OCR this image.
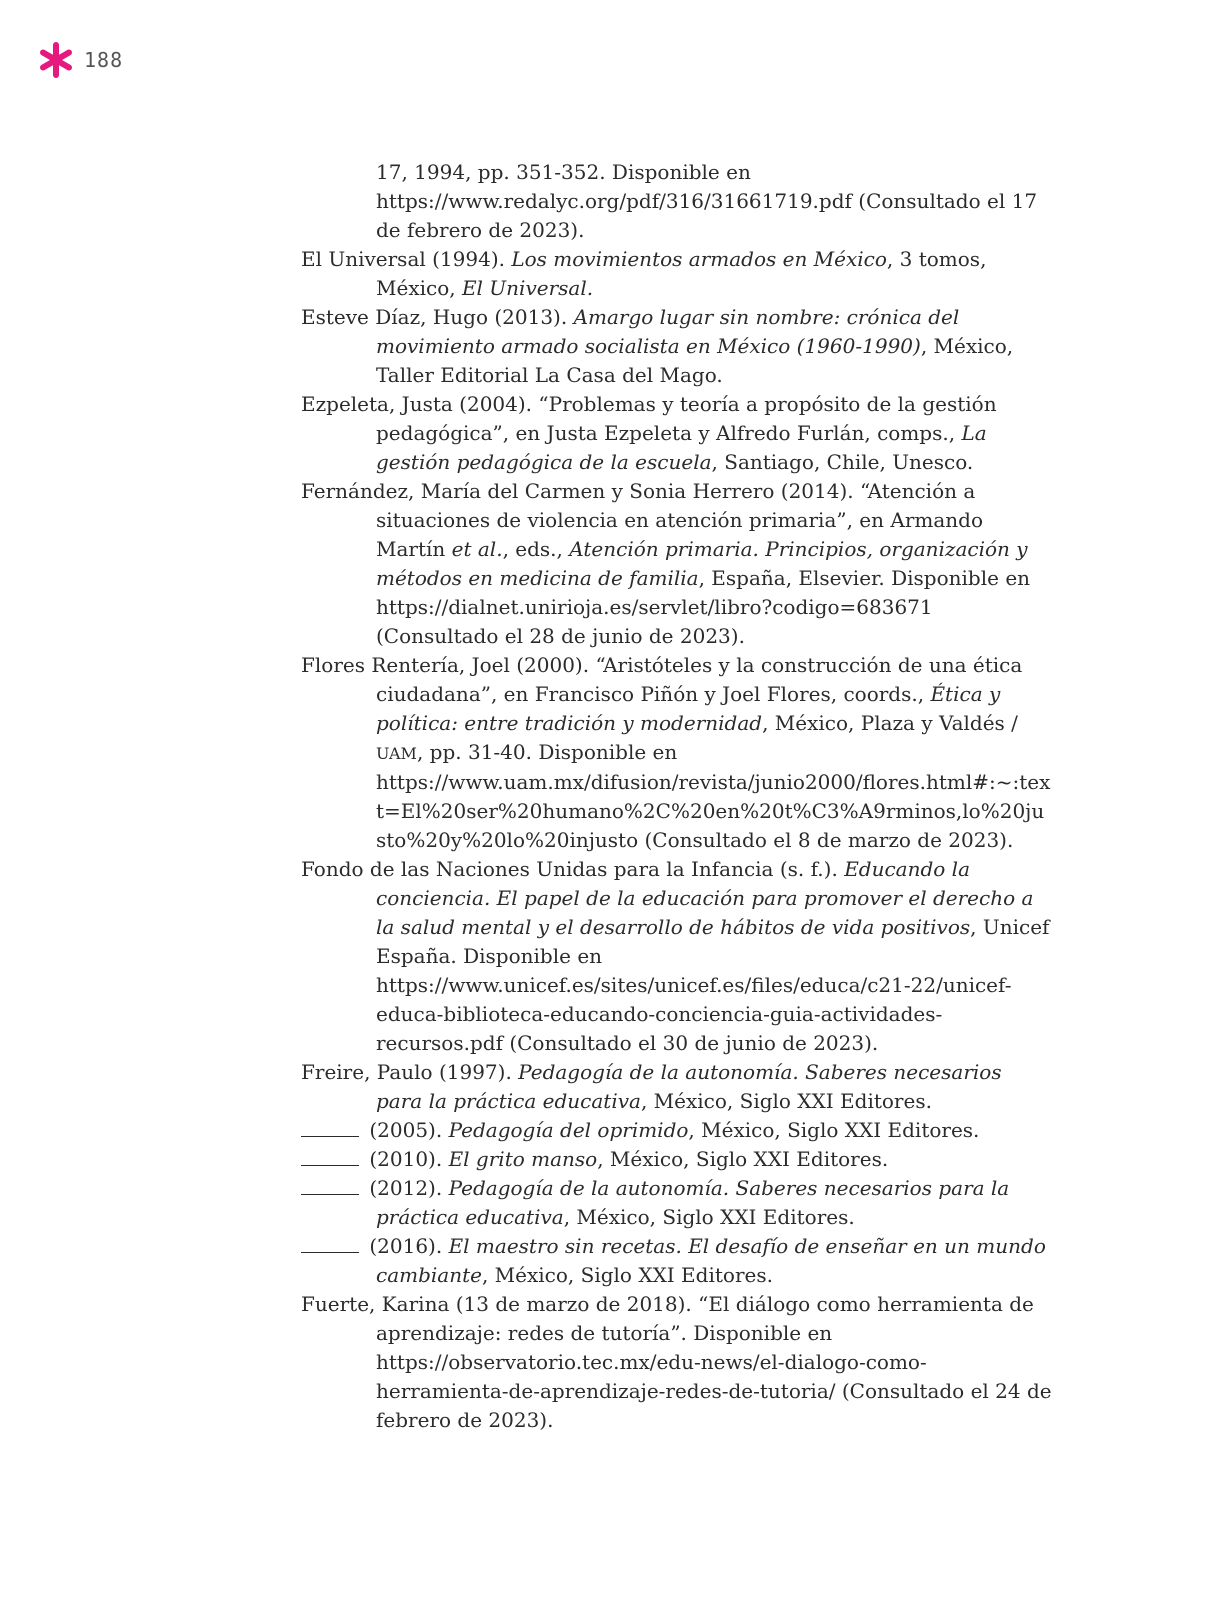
188
17, 1994, pp. 351-352. Disponible en https://www.redalyc.org/pdf/316/31661719.pdf (Consultado el 17 de febrero de 2023).
El Universal (1994). Los movimientos armados en México, 3 tomos, México, El Universal.
Esteve Díaz, Hugo (2013). Amargo lugar sin nombre: crónica del movimiento armado socialista en México (1960-1990), México, Taller Editorial La Casa del Mago.
Ezpeleta, Justa (2004). “Problemas y teoría a propósito de la gestión pedagógica”, en Justa Ezpeleta y Alfredo Furlán, comps., La gestión pedagógica de la escuela, Santiago, Chile, Unesco.
Fernández, María del Carmen y Sonia Herrero (2014). “Atención a situaciones de violencia en atención primaria”, en Armando Martín et al., eds., Atención primaria. Principios, organización y métodos en medicina de familia, España, Elsevier. Disponible en https://dialnet.unirioja.es/servlet/libro?codigo=683671 (Consultado el 28 de junio de 2023).
Flores Rentería, Joel (2000). “Aristóteles y la construcción de una ética ciudadana”, en Francisco Piñón y Joel Flores, coords., Ética y política: entre tradición y modernidad, México, Plaza y Valdés / UAM, pp. 31-40. Disponible en https://www.uam.mx/difusion/revista/junio2000/flores.html#:~:text=El%20ser%20humano%2C%20en%20t%C3%A9rminos,lo%20justo%20y%20lo%20injusto (Consultado el 8 de marzo de 2023).
Fondo de las Naciones Unidas para la Infancia (s. f.). Educando la conciencia. El papel de la educación para promover el derecho a la salud mental y el desarrollo de hábitos de vida positivos, Unicef España. Disponible en https://www.unicef.es/sites/unicef.es/files/educa/c21-22/unicef-educa-biblioteca-educando-conciencia-guia-actividades-recursos.pdf (Consultado el 30 de junio de 2023).
Freire, Paulo (1997). Pedagogía de la autonomía. Saberes necesarios para la práctica educativa, México, Siglo XXI Editores.
(2005). Pedagogía del oprimido, México, Siglo XXI Editores.
(2010). El grito manso, México, Siglo XXI Editores.
(2012). Pedagogía de la autonomía. Saberes necesarios para la práctica educativa, México, Siglo XXI Editores.
(2016). El maestro sin recetas. El desafío de enseñar en un mundo cambiante, México, Siglo XXI Editores.
Fuerte, Karina (13 de marzo de 2018). “El diálogo como herramienta de aprendizaje: redes de tutoría”. Disponible en https://observatorio.tec.mx/edu-news/el-dialogo-como-herramienta-de-aprendizaje-redes-de-tutoria/ (Consultado el 24 de febrero de 2023).
